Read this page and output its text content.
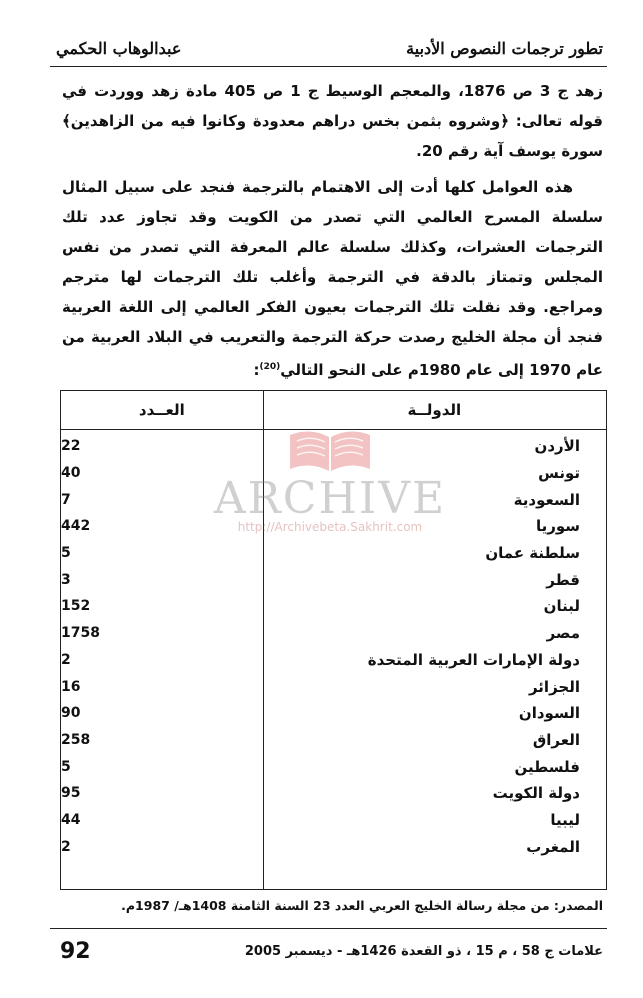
تطور ترجمات النصوص الأدبية
عبدالوهاب الحكمي

زهد ج 3 ص 1876، والمعجم الوسيط ج 1 ص 405 مادة زهد ووردت في قوله تعالى: ﴿وشروه بثمن بخس دراهم معدودة وكانوا فيه من الزاهدين﴾ سورة يوسف آية رقم 20.

هذه العوامل كلها أدت إلى الاهتمام بالترجمة فنجد على سبيل المثال سلسلة المسرح العالمي التي تصدر من الكويت وقد تجاوز عدد تلك الترجمات العشرات، وكذلك سلسلة عالم المعرفة التي تصدر من نفس المجلس وتمتاز بالدقة في الترجمة وأغلب تلك الترجمات لها مترجم ومراجع. وقد نقلت تلك الترجمات بعيون الفكر العالمي إلى اللغة العربية فنجد أن مجلة الخليج رصدت حركة الترجمة والتعريب في البلاد العربية من عام 1970 إلى عام 1980م على النحو التالي$^{(20)}$:

الدولــة
العــدد
الأردن
22
تونس
40
السعودية
7
سوريا
442
سلطنة عمان
5
قطر
3
لبنان
152
مصر
1758
دولة الإمارات العربية المتحدة
2
الجزائر
16
السودان
90
العراق
258
فلسطين
5
دولة الكويت
95
ليبيا
44
المغرب
2
ARCHIVE
http://Archivebeta.Sakhrit.com
المصدر: من مجلة رسالة الخليج العربي العدد 23 السنة الثامنة 1408هـ/ 1987م.
علامات ج 58 ، م 15 ، ذو القعدة 1426هـ - ديسمبر 2005
92
